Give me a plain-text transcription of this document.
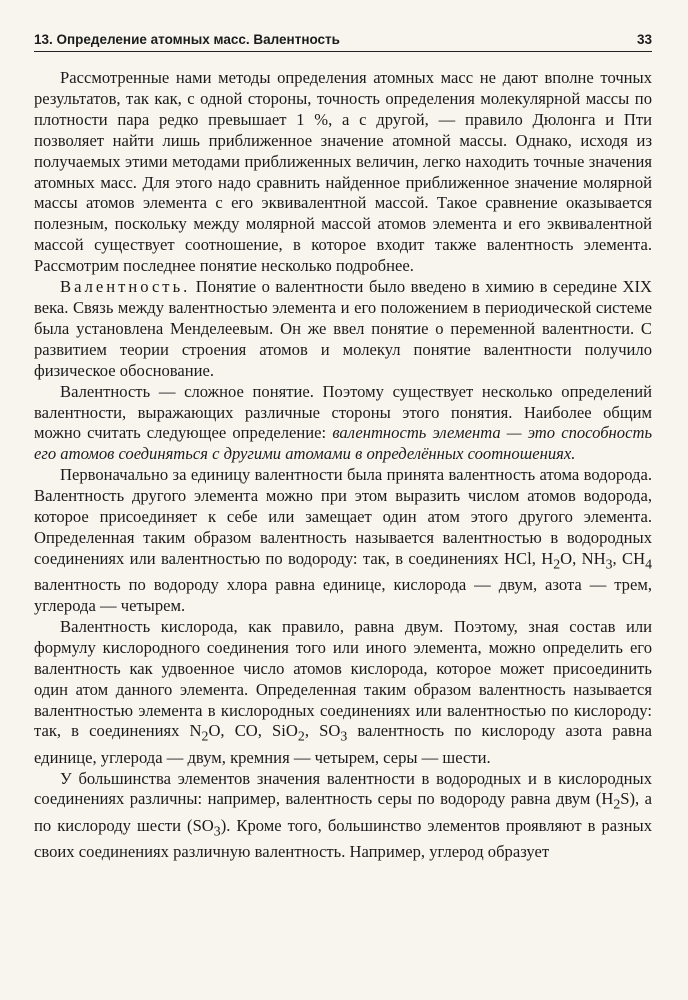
13. Определение атомных масс. Валентность	33

Рассмотренные нами методы определения атомных масс не дают вполне точных результатов, так как, с одной стороны, точность определения молекулярной массы по плотности пара редко превышает 1 %, а с другой, — правило Дюлонга и Пти позволяет найти лишь приближенное значение атомной массы. Однако, исходя из получаемых этими методами приближенных величин, легко находить точные значения атомных масс. Для этого надо сравнить найденное приближенное значение молярной массы атомов элемента с его эквивалентной массой. Такое сравнение оказывается полезным, поскольку между молярной массой атомов элемента и его эквивалентной массой существует соотношение, в которое входит также валентность элемента. Рассмотрим последнее понятие несколько подробнее.

Валентность. Понятие о валентности было введено в химию в середине XIX века. Связь между валентностью элемента и его положением в периодической системе была установлена Менделеевым. Он же ввел понятие о переменной валентности. С развитием теории строения атомов и молекул понятие валентности получило физическое обоснование.

Валентность — сложное понятие. Поэтому существует несколько определений валентности, выражающих различные стороны этого понятия. Наиболее общим можно считать следующее определение: валентность элемента — это способность его атомов соединяться с другими атомами в определённых соотношениях.

Первоначально за единицу валентности была принята валентность атома водорода. Валентность другого элемента можно при этом выразить числом атомов водорода, которое присоединяет к себе или замещает один атом этого другого элемента. Определенная таким образом валентность называется валентностью в водородных соединениях или валентностью по водороду: так, в соединениях HCl, $H_2O$, $NH_3$, $CH_4$ валентность по водороду хлора равна единице, кислорода — двум, азота — трем, углерода — четырем.

Валентность кислорода, как правило, равна двум. Поэтому, зная состав или формулу кислородного соединения того или иного элемента, можно определить его валентность как удвоенное число атомов кислорода, которое может присоединить один атом данного элемента. Определенная таким образом валентность называется валентностью элемента в кислородных соединениях или валентностью по кислороду: так, в соединениях $N_2O$, CO, SiO$_2$, $SO_3$ валентность по кислороду азота равна единице, углерода — двум, кремния — четырем, серы — шести.

У большинства элементов значения валентности в водородных и в кислородных соединениях различны: например, валентность серы по водороду равна двум $(H_2S)$, а по кислороду шести $(SO_3)$. Кроме того, большинство элементов проявляют в разных своих соединениях различную валентность. Например, углерод образует
